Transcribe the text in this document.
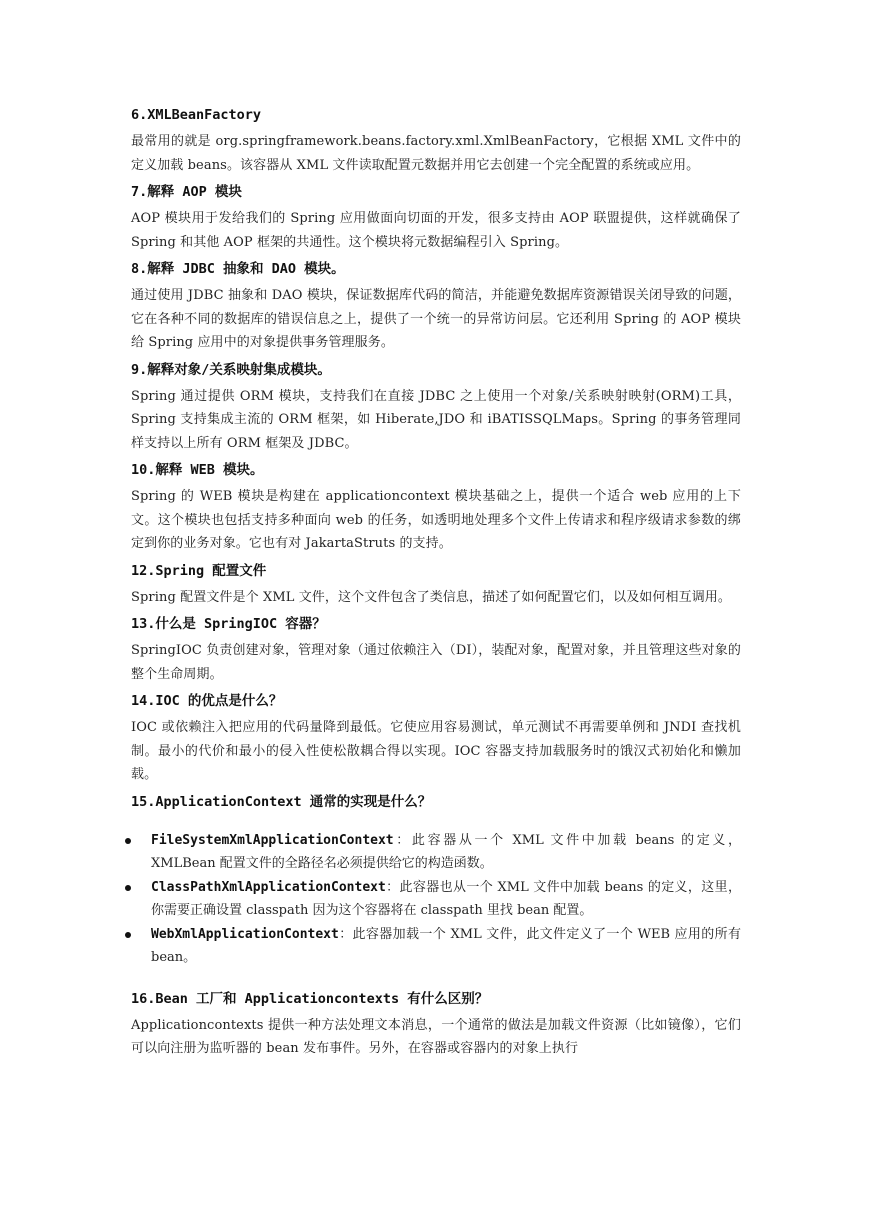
6.XMLBeanFactory
最常用的就是 org.springframework.beans.factory.xml.XmlBeanFactory，它根据 XML 文件中的定义加载 beans。该容器从 XML 文件读取配置元数据并用它去创建一个完全配置的系统或应用。
7.解释 AOP 模块
AOP 模块用于发给我们的 Spring 应用做面向切面的开发，很多支持由 AOP 联盟提供，这样就确保了 Spring 和其他 AOP 框架的共通性。这个模块将元数据编程引入 Spring。
8.解释 JDBC 抽象和 DAO 模块。
通过使用 JDBC 抽象和 DAO 模块，保证数据库代码的简洁，并能避免数据库资源错误关闭导致的问题，它在各种不同的数据库的错误信息之上，提供了一个统一的异常访问层。它还利用 Spring 的 AOP 模块给 Spring 应用中的对象提供事务管理服务。
9.解释对象/关系映射集成模块。
Spring 通过提供 ORM 模块，支持我们在直接 JDBC 之上使用一个对象/关系映射映射(ORM)工具，Spring 支持集成主流的 ORM 框架，如 Hiberate,JDO 和 iBATISSQLMaps。Spring 的事务管理同样支持以上所有 ORM 框架及 JDBC。
10.解释 WEB 模块。
Spring 的 WEB 模块是构建在 applicationcontext 模块基础之上，提供一个适合 web 应用的上下文。这个模块也包括支持多种面向 web 的任务，如透明地处理多个文件上传请求和程序级请求参数的绑定到你的业务对象。它也有对 JakartaStruts 的支持。
12.Spring 配置文件
Spring 配置文件是个 XML 文件，这个文件包含了类信息，描述了如何配置它们，以及如何相互调用。
13.什么是 SpringIOC 容器？
SpringIOC 负责创建对象，管理对象（通过依赖注入（DI），装配对象，配置对象，并且管理这些对象的整个生命周期。
14.IOC 的优点是什么？
IOC 或依赖注入把应用的代码量降到最低。它使应用容易测试，单元测试不再需要单例和 JNDI 查找机制。最小的代价和最小的侵入性使松散耦合得以实现。IOC 容器支持加载服务时的饿汉式初始化和懒加载。
15.ApplicationContext 通常的实现是什么？
FileSystemXmlApplicationContext：此容器从一个 XML 文件中加载 beans 的定义，XMLBean 配置文件的全路径名必须提供给它的构造函数。
ClassPathXmlApplicationContext：此容器也从一个 XML 文件中加载 beans 的定义，这里，你需要正确设置 classpath 因为这个容器将在 classpath 里找 bean 配置。
WebXmlApplicationContext：此容器加载一个 XML 文件，此文件定义了一个 WEB 应用的所有 bean。
16.Bean 工厂和 Applicationcontexts 有什么区别？
Applicationcontexts 提供一种方法处理文本消息，一个通常的做法是加载文件资源（比如镜像），它们可以向注册为监听器的 bean 发布事件。另外，在容器或容器内的对象上执行
